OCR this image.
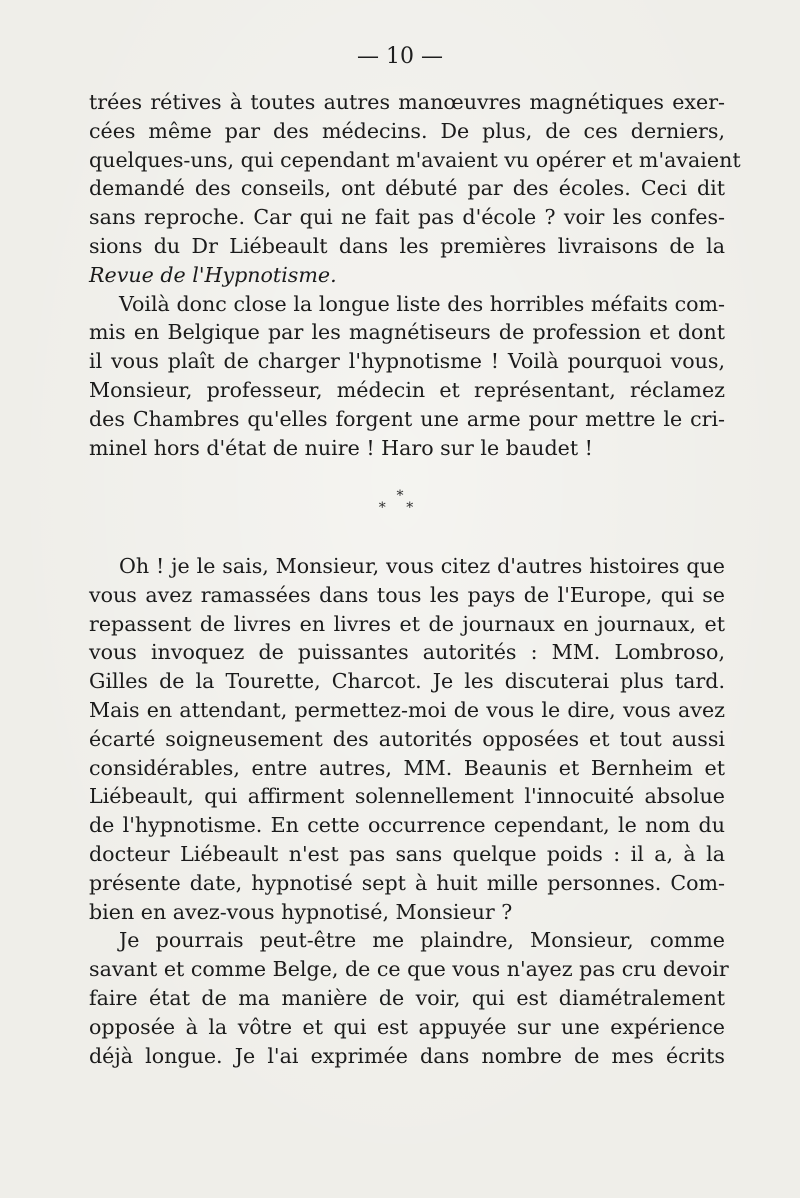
— 10 —
trées rétives à toutes autres manœuvres magnétiques exer-
cées même par des médecins. De plus, de ces derniers,
quelques-uns, qui cependant m'avaient vu opérer et m'avaient
demandé des conseils, ont débuté par des écoles. Ceci dit
sans reproche. Car qui ne fait pas d'école ? voir les confes-
sions du Dr Liébeault dans les premières livraisons de la
Revue de l'Hypnotisme.
Voilà donc close la longue liste des horribles méfaits com-
mis en Belgique par les magnétiseurs de profession et dont
il vous plaît de charger l'hypnotisme ! Voilà pourquoi vous,
Monsieur, professeur, médecin et représentant, réclamez
des Chambres qu'elles forgent une arme pour mettre le cri-
minel hors d'état de nuire ! Haro sur le baudet !
*
* *
Oh ! je le sais, Monsieur, vous citez d'autres histoires que
vous avez ramassées dans tous les pays de l'Europe, qui se
repassent de livres en livres et de journaux en journaux, et
vous invoquez de puissantes autorités : MM. Lombroso,
Gilles de la Tourette, Charcot. Je les discuterai plus tard.
Mais en attendant, permettez-moi de vous le dire, vous avez
écarté soigneusement des autorités opposées et tout aussi
considérables, entre autres, MM. Beaunis et Bernheim et
Liébeault, qui affirment solennellement l'innocuité absolue
de l'hypnotisme. En cette occurrence cependant, le nom du
docteur Liébeault n'est pas sans quelque poids : il a, à la
présente date, hypnotisé sept à huit mille personnes. Com-
bien en avez-vous hypnotisé, Monsieur ?
Je pourrais peut-être me plaindre, Monsieur, comme
savant et comme Belge, de ce que vous n'ayez pas cru devoir
faire état de ma manière de voir, qui est diamétralement
opposée à la vôtre et qui est appuyée sur une expérience
déjà longue. Je l'ai exprimée dans nombre de mes écrits
